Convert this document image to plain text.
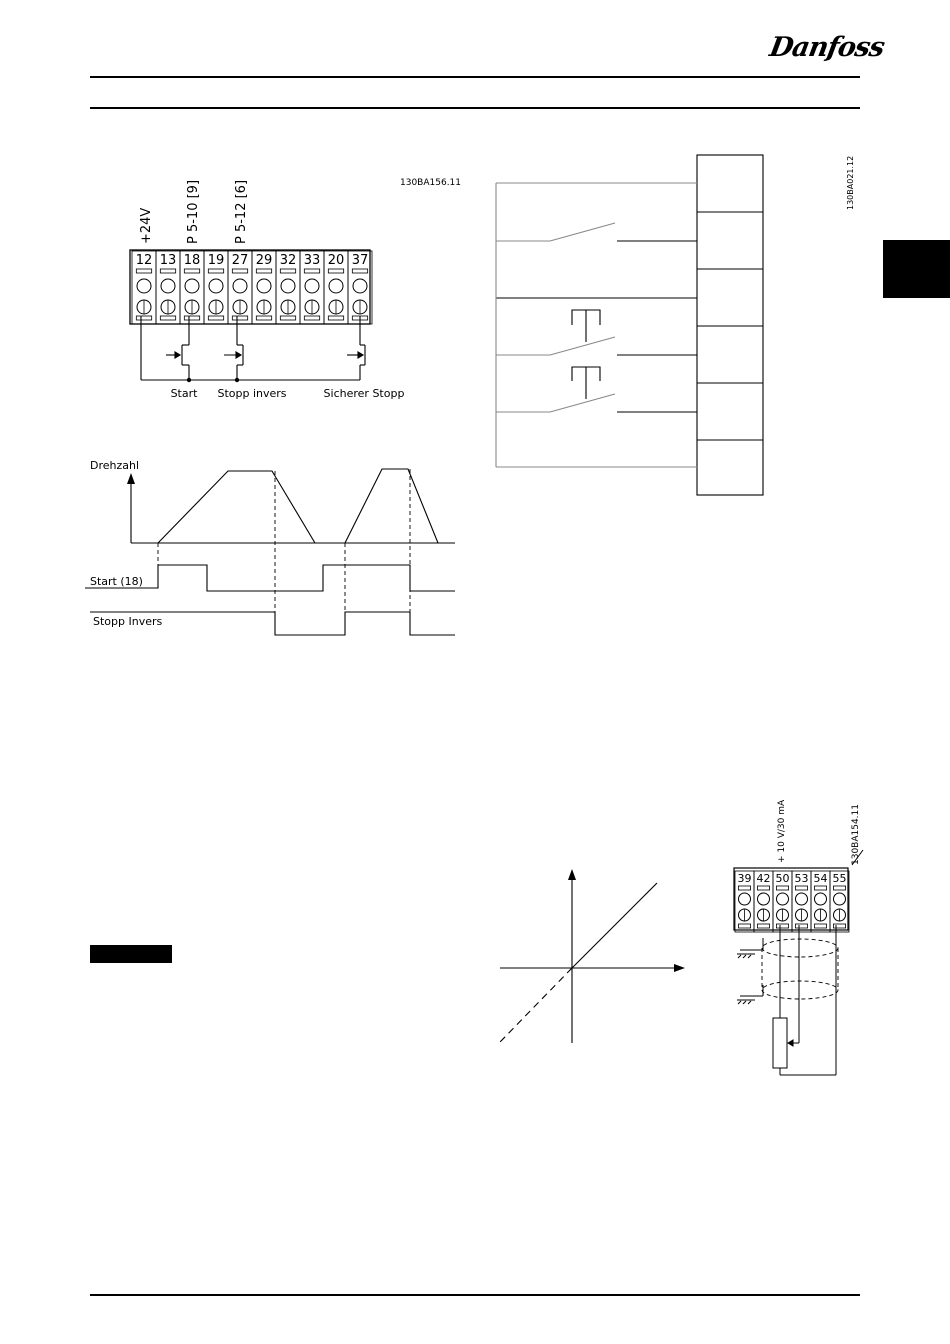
Danfoss
12 13 18 19 27 29 32 33 20 37
130BA156.11
+24V P 5-10 [9]	P 5-12 [6]
Start Stopp invers	Sicherer Stopp
Drehzahl
Start (18)
Stopp Invers
130BA021.12
39 42 50 53 54 55
+ 10 V/30 mA	130BA154.11
